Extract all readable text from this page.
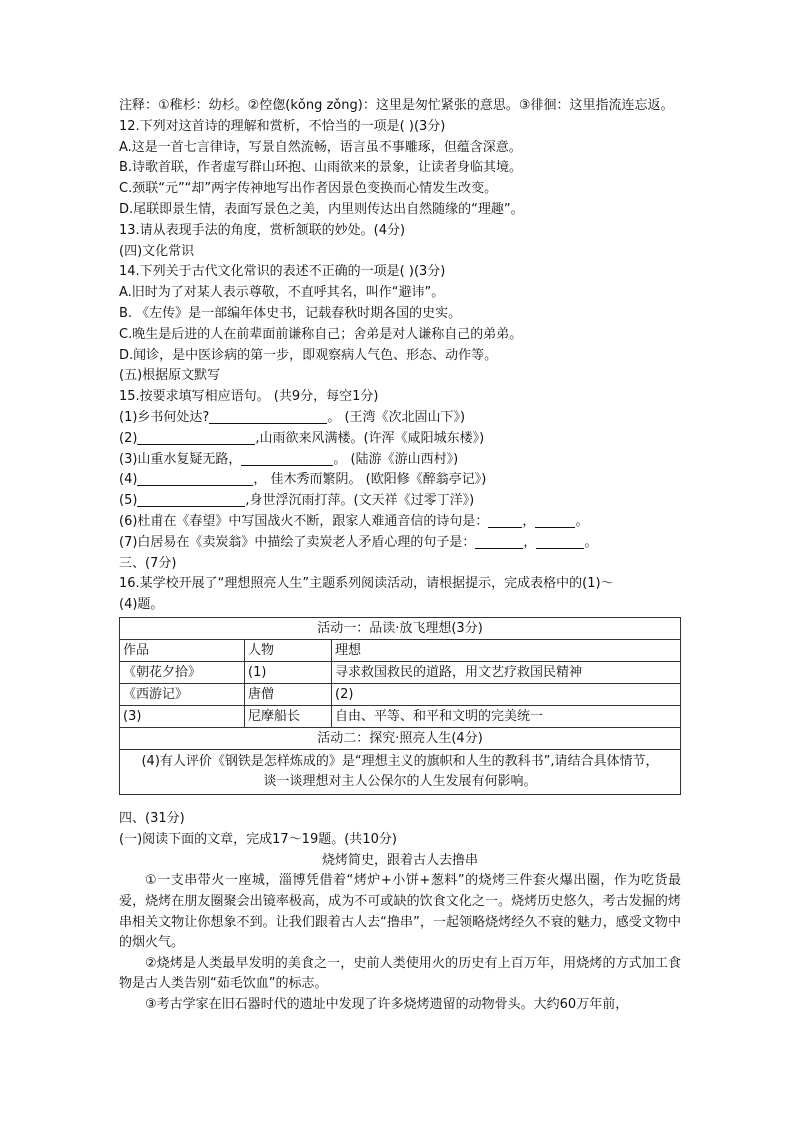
注释：①稚杉：幼杉。②倥偬(kǒng zǒng)：这里是匆忙紧张的意思。③徘徊：这里指流连忘返。
12.下列对这首诗的理解和赏析，不恰当的一项是( )(3分)
A.这是一首七言律诗，写景自然流畅，语言虽不事雕琢，但蕴含深意。
B.诗歌首联，作者虚写群山环抱、山雨欲来的景象，让读者身临其境。
C.颈联“元”“却”两字传神地写出作者因景色变换而心情发生改变。
D.尾联即景生情，表面写景色之美，内里则传达出自然随缘的“理趣”。
13.请从表现手法的角度，赏析颔联的妙处。(4分)
(四)文化常识
14.下列关于古代文化常识的表述不正确的一项是( )(3分)
A.旧时为了对某人表示尊敬，不直呼其名，叫作“避讳”。
B. 《左传》是一部编年体史书，记载春秋时期各国的史实。
C.晚生是后进的人在前辈面前谦称自己；舍弟是对人谦称自己的弟弟。
D.闻诊，是中医诊病的第一步，即观察病人气色、形态、动作等。
(五)根据原文默写
15.按要求填写相应语句。 (共9分，每空1分)
(1)乡书何处达?	。 (王湾《次北固山下》)
(2)	,山雨欲来风满楼。(许浑《咸阳城东楼》)
(3)山重水复疑无路，	。 (陆游《游山西村》)
(4)	， 佳木秀而繁阴。 (欧阳修《醉翁亭记》)
(5)	,身世浮沉雨打萍。(文天祥《过零丁洋》)
(6)杜甫在《春望》中写国战火不断，跟家人难通音信的诗句是：	，	。
(7)白居易在《卖炭翁》中描绘了卖炭老人矛盾心理的句子是：	，	。
三、(7分)
16.某学校开展了“理想照亮人生”主题系列阅读活动，请根据提示，完成表格中的(1)～
(4)题。
活动一：品读·放飞理想(3分)		
作品	人物	理想
《朝花夕拾》	(1)	寻求救国救民的道路，用文艺疗救国民精神
《西游记》	唐僧	(2)
(3)	尼摩船长	自由、平等、和平和文明的完美统一
活动二：探究·照亮人生(4分)		

(4)有人评价《钢铁是怎样炼成的》是“理想主义的旗帜和人生的教科书”,请结合具体情节，
谈一谈理想对主人公保尔的人生发展有何影响。		
四、(31分)
(一)阅读下面的文章，完成17～19题。(共10分)
烧烤简史，跟着古人去撸串
①一支串带火一座城，淄博凭借着“烤炉+小饼+葱料”的烧烤三件套火爆出圈，作为吃货最爱，烧烤在朋友圈聚会出镜率极高，成为不可或缺的饮食文化之一。烧烤历史悠久，考古发掘的烤串相关文物让你想象不到。让我们跟着古人去“撸串”，一起领略烧烤经久不衰的魅力，感受文物中的烟火气。
②烧烤是人类最早发明的美食之一，史前人类使用火的历史有上百万年，用烧烤的方式加工食物是古人类告别“茹毛饮血”的标志。
③考古学家在旧石器时代的遗址中发现了许多烧烤遗留的动物骨头。大约60万年前，
